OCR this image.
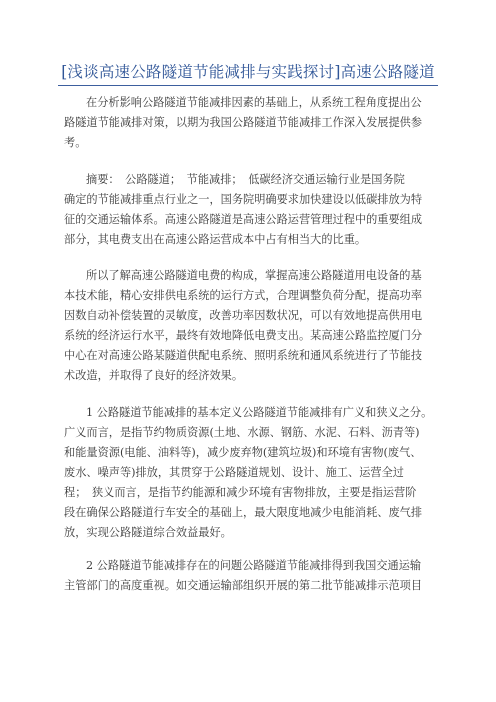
[浅谈高速公路隧道节能减排与实践探讨]高速公路隧道
在分析影响公路隧道节能减排因素的基础上，从系统工程角度提出公
路隧道节能减排对策，以期为我国公路隧道节能减排工作深入发展提供参
考。
摘要：　公路隧道；　节能减排；　低碳经济交通运输行业是国务院
确定的节能减排重点行业之一，国务院明确要求加快建设以低碳排放为特
征的交通运输体系。高速公路隧道是高速公路运营管理过程中的重要组成
部分，其电费支出在高速公路运营成本中占有相当大的比重。
所以了解高速公路隧道电费的构成，掌握高速公路隧道用电设备的基
本技术能，精心安排供电系统的运行方式，合理调整负荷分配，提高功率
因数自动补偿装置的灵敏度，改善功率因数状况，可以有效地提高供用电
系统的经济运行水平，最终有效地降低电费支出。某高速公路监控厦门分
中心在对高速公路某隧道供配电系统、照明系统和通风系统进行了节能技
术改造，并取得了良好的经济效果。
1 公路隧道节能减排的基本定义公路隧道节能减排有广义和狭义之分。
广义而言，是指节约物质资源(土地、水源、钢筋、水泥、石料、沥青等)
和能量资源(电能、油料等)，减少废弃物(建筑垃圾)和环境有害物(废气、
废水、噪声等)排放，其贯穿于公路隧道规划、设计、施工、运营全过
程；　狭义而言，是指节约能源和减少环境有害物排放，主要是指运营阶
段在确保公路隧道行车安全的基础上，最大限度地减少电能消耗、废气排
放，实现公路隧道综合效益最好。
2 公路隧道节能减排存在的问题公路隧道节能减排得到我国交通运输
主管部门的高度重视。如交通运输部组织开展的第二批节能减排示范项目
